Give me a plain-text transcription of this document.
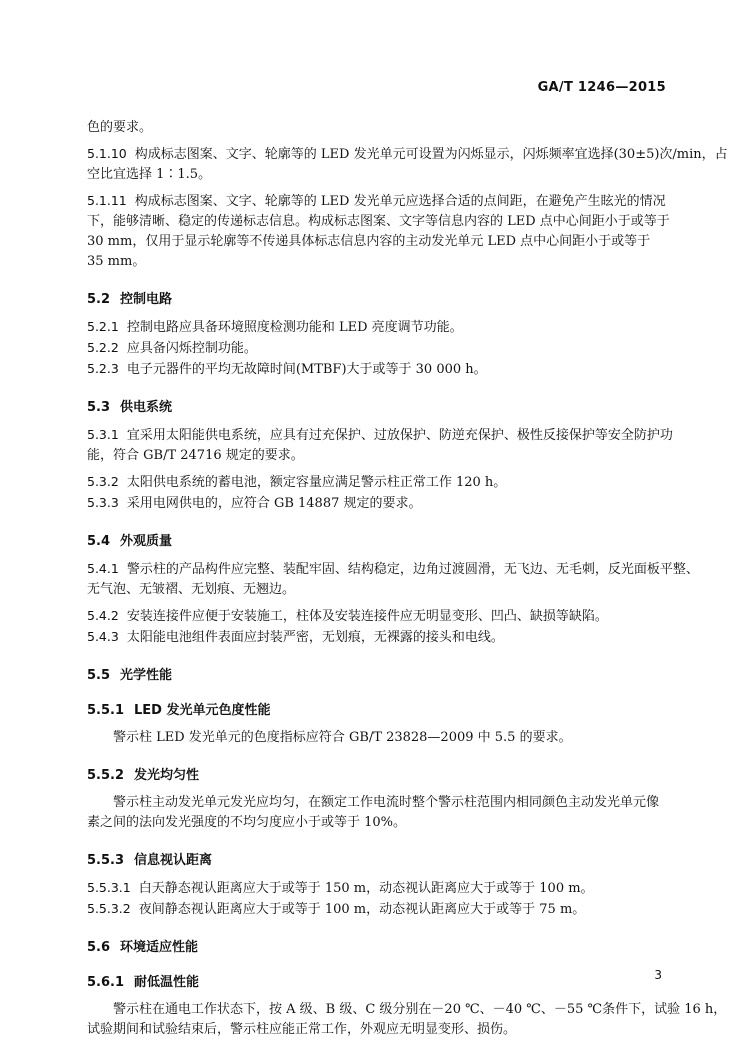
GA/T 1246—2015
色的要求。
5.1.10 构成标志图案、文字、轮廓等的 LED 发光单元可设置为闪烁显示，闪烁频率宜选择(30±5)次/min，占
空比宜选择 1∶1.5。
5.1.11 构成标志图案、文字、轮廓等的 LED 发光单元应选择合适的点间距，在避免产生眩光的情况
下，能够清晰、稳定的传递标志信息。构成标志图案、文字等信息内容的 LED 点中心间距小于或等于
30 mm，仅用于显示轮廓等不传递具体标志信息内容的主动发光单元 LED 点中心间距小于或等于
35 mm。
5.2 控制电路
5.2.1 控制电路应具备环境照度检测功能和 LED 亮度调节功能。
5.2.2 应具备闪烁控制功能。
5.2.3 电子元器件的平均无故障时间(MTBF)大于或等于 30 000 h。
5.3 供电系统
5.3.1 宜采用太阳能供电系统，应具有过充保护、过放保护、防逆充保护、极性反接保护等安全防护功
能，符合 GB/T 24716 规定的要求。
5.3.2 太阳供电系统的蓄电池，额定容量应满足警示柱正常工作 120 h。
5.3.3 采用电网供电的，应符合 GB 14887 规定的要求。
5.4 外观质量
5.4.1 警示柱的产品构件应完整、装配牢固、结构稳定，边角过渡圆滑，无飞边、无毛刺，反光面板平整、
无气泡、无皱褶、无划痕、无翘边。
5.4.2 安装连接件应便于安装施工，柱体及安装连接件应无明显变形、凹凸、缺损等缺陷。
5.4.3 太阳能电池组件表面应封装严密，无划痕，无裸露的接头和电线。
5.5 光学性能
5.5.1 LED 发光单元色度性能
警示柱 LED 发光单元的色度指标应符合 GB/T 23828—2009 中 5.5 的要求。
5.5.2 发光均匀性
警示柱主动发光单元发光应均匀，在额定工作电流时整个警示柱范围内相同颜色主动发光单元像
素之间的法向发光强度的不均匀度应小于或等于 10%。
5.5.3 信息视认距离
5.5.3.1 白天静态视认距离应大于或等于 150 m，动态视认距离应大于或等于 100 m。
5.5.3.2 夜间静态视认距离应大于或等于 100 m，动态视认距离应大于或等于 75 m。
5.6 环境适应性能
5.6.1 耐低温性能
警示柱在通电工作状态下，按 A 级、B 级、C 级分别在－20 ℃、－40 ℃、－55 ℃条件下，试验 16 h，
试验期间和试验结束后，警示柱应能正常工作，外观应无明显变形、损伤。
3
